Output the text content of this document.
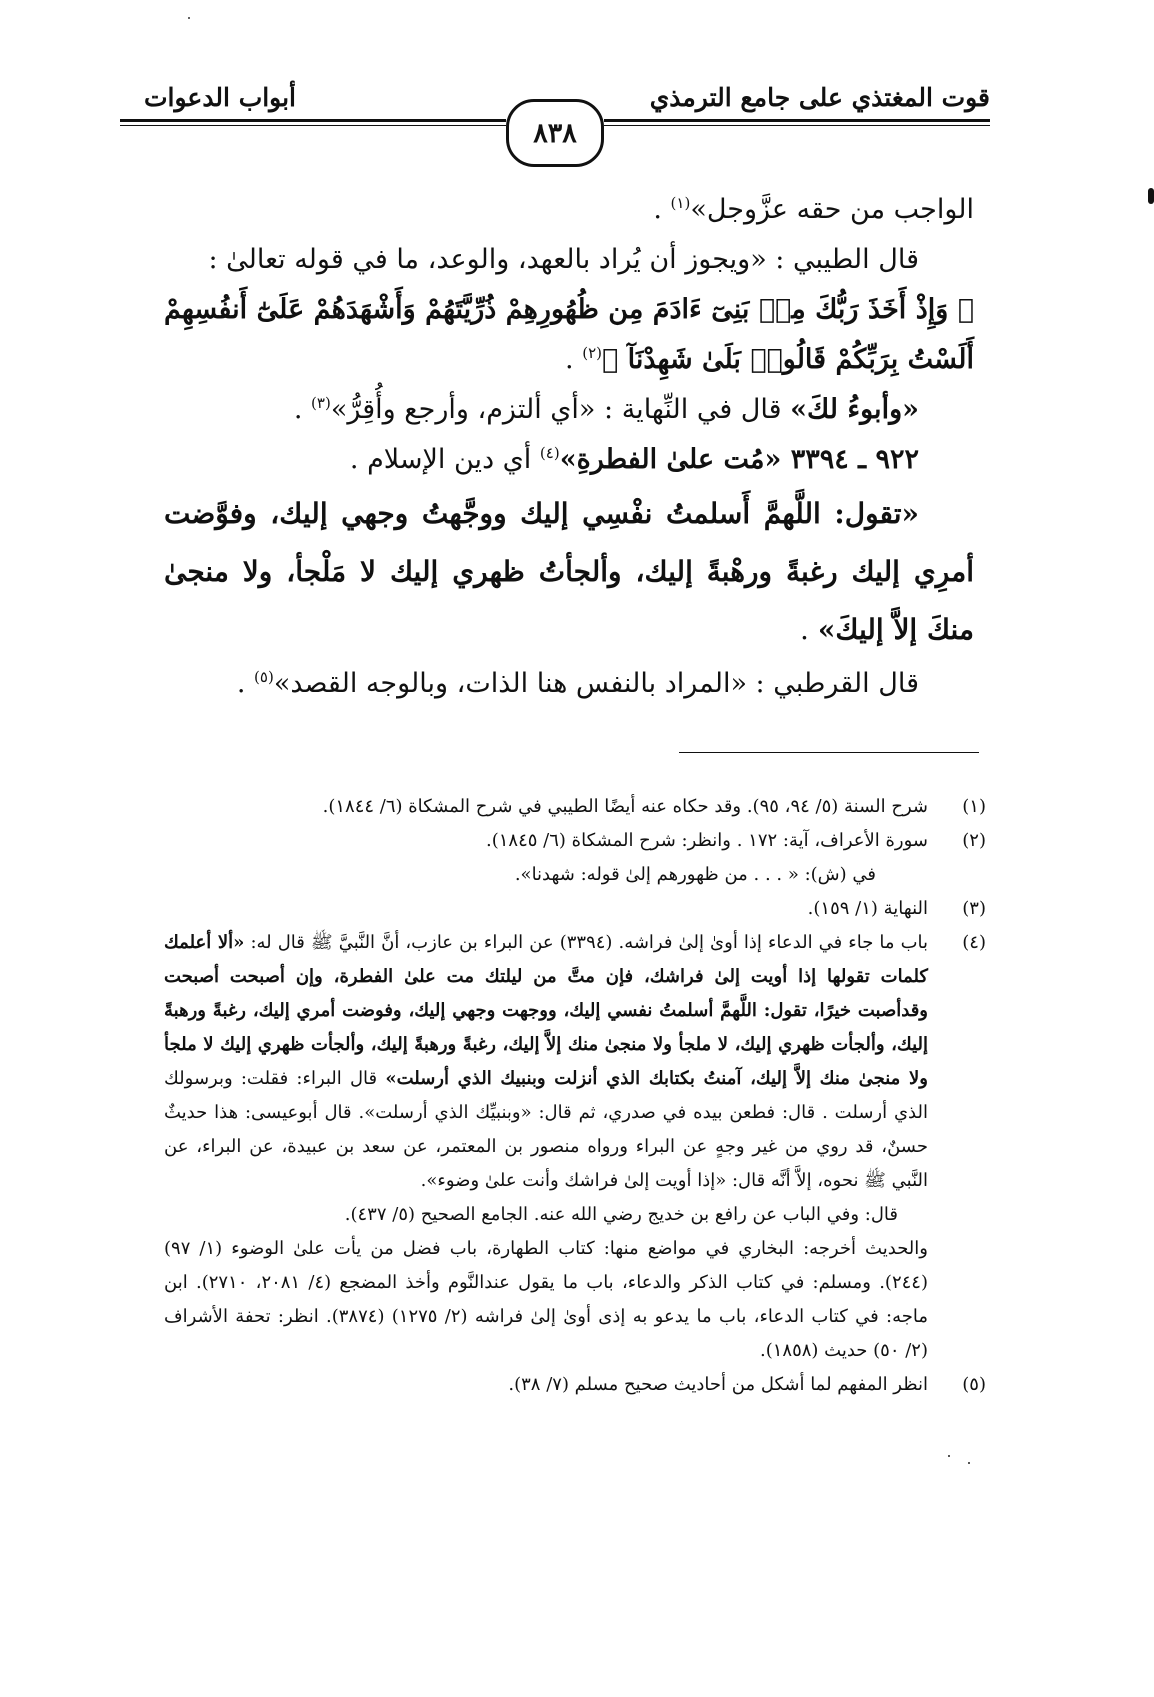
قوت المغتذي على جامع الترمذي
أبواب الدعوات
٨٣٨

الواجب من حقه عزَّوجل»$^{(١)}$ .

قال الطيبي : «ويجوز أن يُراد بالعهد، والوعد، ما في قوله تعالىٰ :

﴿ وَإِذْ أَخَذَ رَبُّكَ مِنۢ بَنِىٓ ءَادَمَ مِن ظُهُورِهِمْ ذُرِّيَّتَهُمْ وَأَشْهَدَهُمْ عَلَىٰٓ أَنفُسِهِمْ أَلَسْتُ بِرَبِّكُمْ قَالُوا۟ بَلَىٰ شَهِدْنَآ ﴾$^{(٢)}$ .

«وأبوءُ لكَ» قال في النِّهاية : «أي ألتزم، وأرجع وأُقِرُّ»$^{(٣)}$ .

٩٢٢ ـ ٣٣٩٤ «مُت علىٰ الفطرةِ»$^{(٤)}$ أي دين الإسلام .

«تقول: اللَّهمَّ أَسلمتُ نفْسِي إليك ووجَّهتُ وجهي إليك، وفوَّضت أمرِي إليك رغبةً ورهْبةً إليك، وألجأتُ ظهري إليك لا مَلْجأ، ولا منجىٰ منكَ إلاَّ إليكَ» .

قال القرطبي : «المراد بالنفس هنا الذات، وبالوجه القصد»$^{(٥)}$ .

(١)
شرح السنة (٥/ ٩٤، ٩٥). وقد حكاه عنه أيضًا الطيبي في شرح المشكاة (٦/ ١٨٤٤).
(٢)
سورة الأعراف، آية: ١٧٢ . وانظر: شرح المشكاة (٦/ ١٨٤٥).
في (ش): « . . . من ظهورهم إلىٰ قوله: شهدنا».
(٣)
النهاية (١/ ١٥٩).
(٤)
باب ما جاء في الدعاء إذا أوىٰ إلىٰ فراشه. (٣٣٩٤) عن البراء بن عازب، أنَّ النَّبيَّ ﷺ قال له: «ألا أعلمك كلمات تقولها إذا أويت إلىٰ فراشك، فإن متَّ من ليلتك مت علىٰ الفطرة، وإن أصبحت أصبحت وقدأصبت خيرًا، تقول: اللَّهمَّ أسلمتُ نفسي إليك، ووجهت وجهي إليك، وفوضت أمري إليك، رغبةً ورهبةً إليك، وألجأت ظهري إليك، لا ملجأ ولا منجىٰ منك إلاَّ إليك، رغبةً ورهبةً إليك، وألجأت ظهري إليك لا ملجأ ولا منجىٰ منك إلاَّ إليك، آمنتُ بكتابك الذي أنزلت وبنبيك الذي أرسلت» قال البراء: فقلت: وبرسولك الذي أرسلت . قال: فطعن بيده في صدري، ثم قال: «وبنبيِّك الذي أرسلت». قال أبوعيسى: هذا حديثٌ حسنٌ، قد روي من غير وجهٍ عن البراء ورواه منصور بن المعتمر، عن سعد بن عبيدة، عن البراء، عن النَّبي ﷺ نحوه، إلاَّ أنَّه قال: «إذا أويت إلىٰ فراشك وأنت علىٰ وضوء».
قال: وفي الباب عن رافع بن خديج رضي الله عنه. الجامع الصحيح (٥/ ٤٣٧).
والحديث أخرجه: البخاري في مواضع منها: كتاب الطهارة، باب فضل من يأت علىٰ الوضوء (١/ ٩٧) (٢٤٤). ومسلم: في كتاب الذكر والدعاء، باب ما يقول عندالنَّوم وأخذ المضجع (٤/ ٢٠٨١، ٢٧١٠). ابن ماجه: في كتاب الدعاء، باب ما يدعو به إذى أوىٰ إلىٰ فراشه (٢/ ١٢٧٥) (٣٨٧٤). انظر: تحفة الأشراف (٢/ ٥٠) حديث (١٨٥٨).
(٥)
انظر المفهم لما أشكل من أحاديث صحيح مسلم (٧/ ٣٨).
